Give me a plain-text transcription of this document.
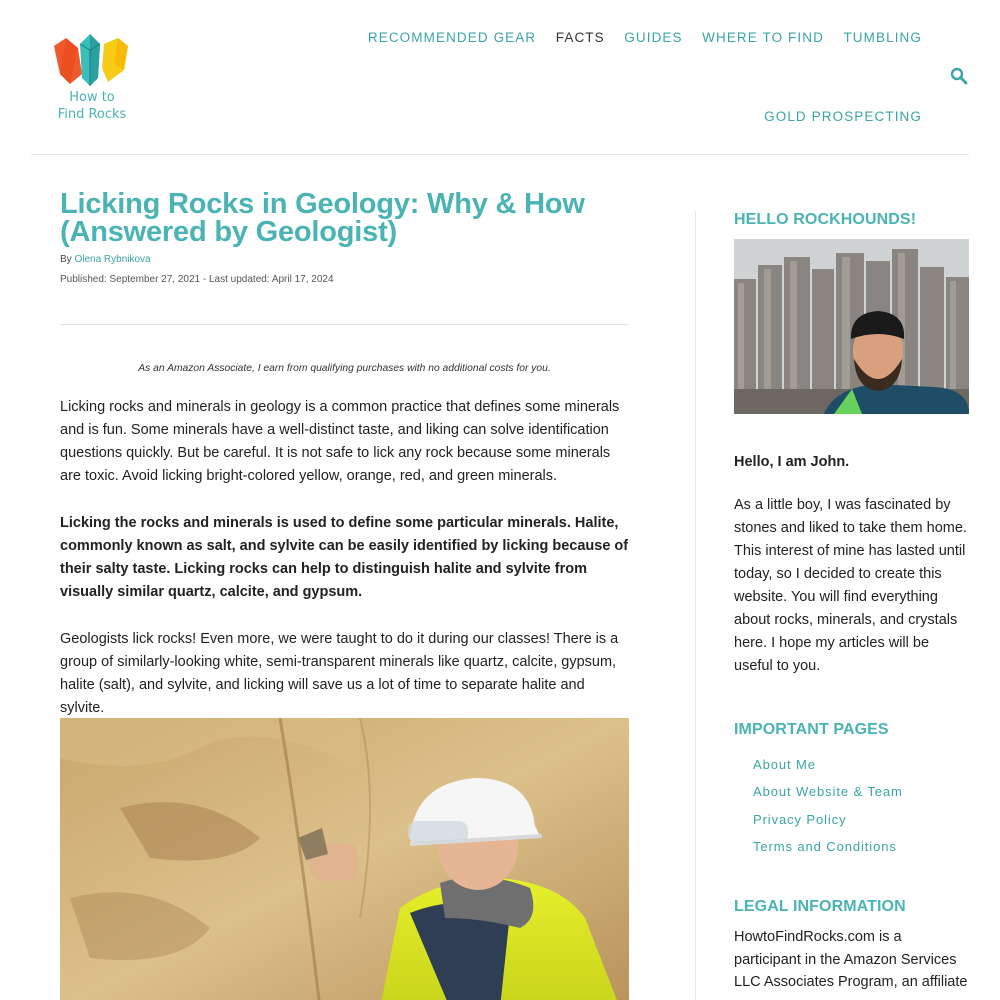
How to
Find Rocks
RECOMMENDED GEAR FACTS GUIDES WHERE TO FIND TUMBLING
GOLD PROSPECTING
Licking Rocks in Geology: Why & How (Answered by Geologist)
By Olena Rybnikova
Published: September 27, 2021 - Last updated: April 17, 2024

As an Amazon Associate, I earn from qualifying purchases with no additional costs for you.

Licking rocks and minerals in geology is a common practice that defines some minerals and is fun. Some minerals have a well-distinct taste, and liking can solve identification questions quickly. But be careful. It is not safe to lick any rock because some minerals are toxic. Avoid licking bright-colored yellow, orange, red, and green minerals.

Licking the rocks and minerals is used to define some particular minerals. Halite, commonly known as salt, and sylvite can be easily identified by licking because of their salty taste. Licking rocks can help to distinguish halite and sylvite from visually similar quartz, calcite, and gypsum.

Geologists lick rocks! Even more, we were taught to do it during our classes! There is a group of similarly-looking white, semi-transparent minerals like quartz, calcite, gypsum, halite (salt), and sylvite, and licking will save us a lot of time to separate halite and sylvite.

HELLO ROCKHOUNDS!
Hello, I am John.

As a little boy, I was fascinated by stones and liked to take them home. This interest of mine has lasted until today, so I decided to create this website. You will find everything about rocks, minerals, and crystals here. I hope my articles will be useful to you.

IMPORTANT PAGES
About Me
About Website & Team
Privacy Policy
Terms and Conditions
LEGAL INFORMATION

HowtoFindRocks.com is a participant in the Amazon Services LLC Associates Program, an affiliate
